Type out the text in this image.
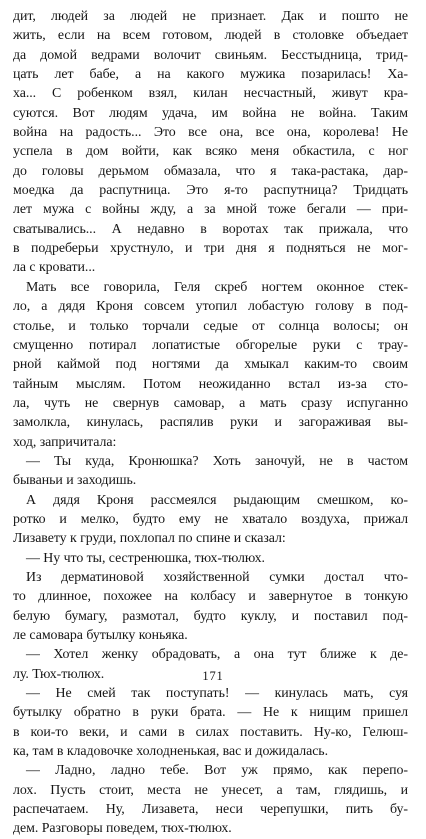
дит, людей за людей не признает. Дак и пошто не
жить, если на всем готовом, людей в столовке объедает
да домой ведрами волочит свиньям. Бесстыдница, трид-
цать лет бабе, а на какого мужика позарилась! Ха-
ха... С робенком взял, килан несчастный, живут кра-
суются. Вот людям удача, им война не война. Таким
война на радость... Это все она, все она, королева! Не
успела в дом войти, как всяко меня обкастила, с ног
до головы дерьмом обмазала, что я така-растака, дар-
моедка да распутница. Это я-то распутница? Тридцать
лет мужа с войны жду, а за мной тоже бегали — при-
сватывались... А недавно в воротах так прижала, что
в подреберьи хрустнуло, и три дня я подняться не мог-
ла с кровати...
Мать все говорила, Геля скреб ногтем оконное стек-
ло, а дядя Кроня совсем утопил лобастую голову в под-
столье, и только торчали седые от солнца волосы; он
смущенно потирал лопатистые обгорелые руки с трау-
рной каймой под ногтями да хмыкал каким-то своим
тайным мыслям. Потом неожиданно встал из-за сто-
ла, чуть не свернув самовар, а мать сразу испуганно
замолкла, кинулась, распялив руки и загораживая вы-
ход, запричитала:
— Ты куда, Кронюшка? Хоть заночуй, не в частом
бываньи и заходишь.
А дядя Кроня рассмеялся рыдающим смешком, ко-
ротко и мелко, будто ему не хватало воздуха, прижал
Лизавету к груди, похлопал по спине и сказал:
— Ну что ты, сестренюшка, тюх-тюлюх.
Из дерматиновой хозяйственной сумки достал что-
то длинное, похожее на колбасу и завернутое в тонкую
белую бумагу, размотал, будто куклу, и поставил под-
ле самовара бутылку коньяка.
— Хотел женку обрадовать, а она тут ближе к де-
лу. Тюх-тюлюх.
— Не смей так поступать! — кинулась мать, суя
бутылку обратно в руки брата. — Не к нищим пришел
в кои-то веки, и сами в силах поставить. Ну-ко, Гелюш-
ка, там в кладовочке холодненькая, вас и дожидалась.
— Ладно, ладно тебе. Вот уж прямо, как перепо-
лох. Пусть стоит, места не унесет, а там, глядишь, и
распечатаем. Ну, Лизавета, неси черепушки, пить бу-
дем. Разговоры поведем, тюх-тюлюх.
171
